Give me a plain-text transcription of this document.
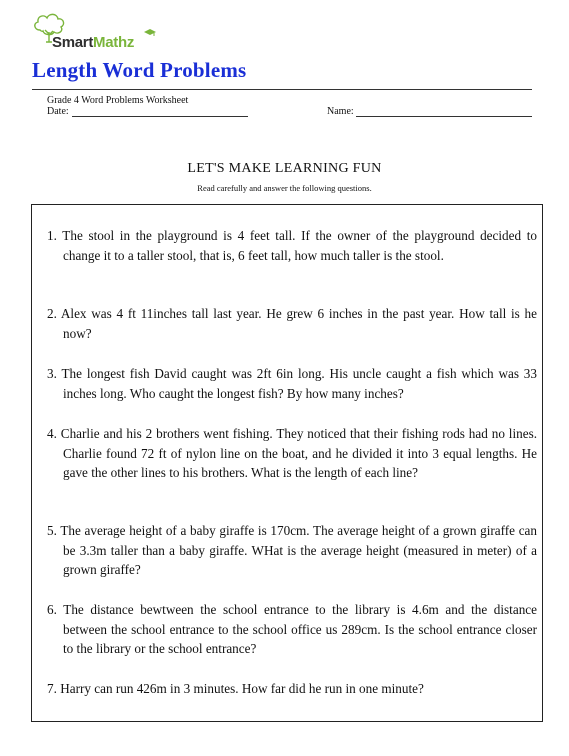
SmartMathz
Length Word Problems
Grade 4 Word Problems Worksheet
Date:	Name:
LET'S MAKE LEARNING FUN
Read carefully and answer the following questions.
1. The stool in the playground is 4 feet tall. If the owner of the playground decided to change it to a taller stool, that is, 6 feet tall, how much taller is the stool.
2. Alex was 4 ft 11inches tall last year. He grew 6 inches in the past year. How tall is he now?
3. The longest fish David caught was 2ft 6in long. His uncle caught a fish which was 33 inches long. Who caught the longest fish? By how many inches?
4. Charlie and his 2 brothers went fishing. They noticed that their fishing rods had no lines. Charlie found 72 ft of nylon line on the boat, and he divided it into 3 equal lengths. He gave the other lines to his brothers. What is the length of each line?
5. The average height of a baby giraffe is 170cm. The average height of a grown giraffe can be 3.3m taller than a baby giraffe. WHat is the average height (measured in meter) of a grown giraffe?
6. The distance bewtween the school entrance to the library is 4.6m and the distance between the school entrance to the school office us 289cm. Is the school entrance closer to the library or the school entrance?
7. Harry can run 426m in 3 minutes. How far did he run in one minute?
